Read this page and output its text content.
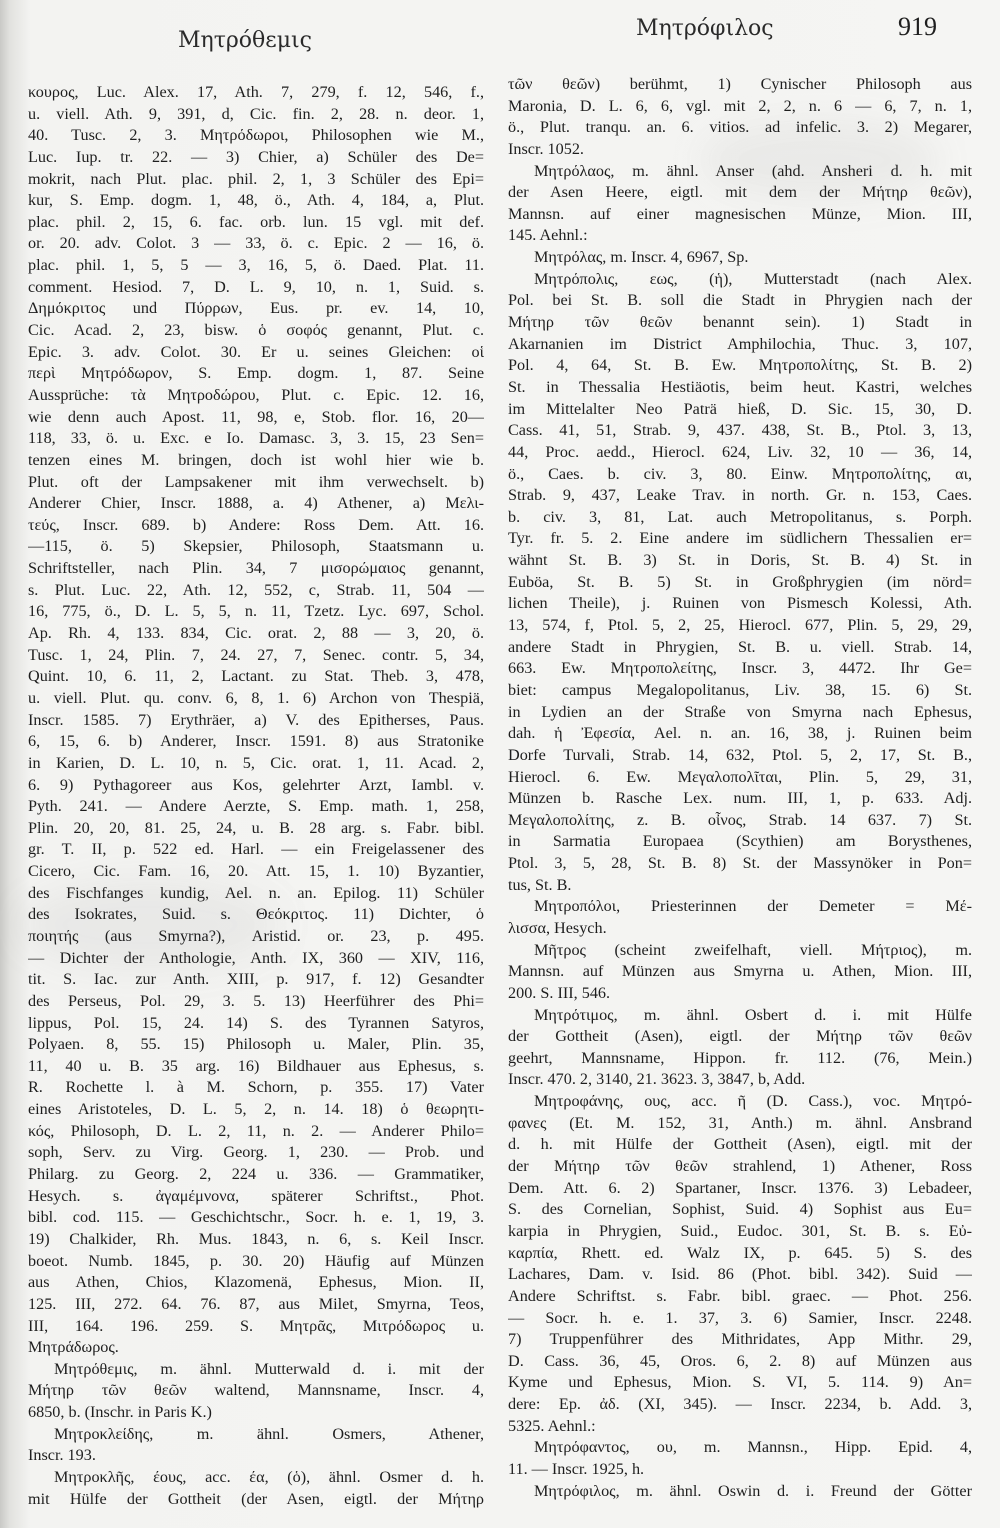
Μητρόθεμις	Μητρόφιλος	919
κουρος, Luc. Alex. 17, Ath. 7, 279, f. 12, 546, f.,
u. viell. Ath. 9, 391, d, Cic. fin. 2, 28. n. deor. 1,
40. Tusc. 2, 3. Μητρόδωροι, Philosophen wie M.,
Luc. Iup. tr. 22. — 3) Chier, a) Schüler des De=
mokrit, nach Plut. plac. phil. 2, 1, 3 Schüler des Epi=
kur, S. Emp. dogm. 1, 48, ö., Ath. 4, 184, a, Plut.
plac. phil. 2, 15, 6. fac. orb. lun. 15 vgl. mit def.
or. 20. adv. Colot. 3 — 33, ö. c. Epic. 2 — 16, ö.
plac. phil. 1, 5, 5 — 3, 16, 5, ö. Daed. Plat. 11.
comment. Hesiod. 7, D. L. 9, 10, n. 1, Suid. s.
Δημόκριτος und Πύρρων, Eus. pr. ev. 14, 10,
Cic. Acad. 2, 23, bisw. ὁ σοφός genannt, Plut. c.
Epic. 3. adv. Colot. 30. Er u. seines Gleichen: οἱ
περὶ Μητρόδωρον, S. Emp. dogm. 1, 87. Seine
Aussprüche: τὰ Μητροδώρου, Plut. c. Epic. 12. 16,
wie denn auch Apost. 11, 98, e, Stob. flor. 16, 20—
118, 33, ö. u. Exc. e Io. Damasc. 3, 3. 15, 23 Sen=
tenzen eines M. bringen, doch ist wohl hier wie b.
Plut. oft der Lampsakener mit ihm verwechselt. b)
Anderer Chier, Inscr. 1888, a. 4) Athener, a) Μελι-
τεύς, Inscr. 689. b) Andere: Ross Dem. Att. 16.
—115, ö. 5) Skepsier, Philosoph, Staatsmann u.
Schriftsteller, nach Plin. 34, 7 μισορώμαιος genannt,
s. Plut. Luc. 22, Ath. 12, 552, c, Strab. 11, 504 —
16, 775, ö., D. L. 5, 5, n. 11, Tzetz. Lyc. 697, Schol.
Ap. Rh. 4, 133. 834, Cic. orat. 2, 88 — 3, 20, ö.
Tusc. 1, 24, Plin. 7, 24. 27, 7, Senec. contr. 5, 34,
Quint. 10, 6. 11, 2, Lactant. zu Stat. Theb. 3, 478,
u. viell. Plut. qu. conv. 6, 8, 1. 6) Archon von Thespiä,
Inscr. 1585. 7) Erythräer, a) V. des Epitherses, Paus.
6, 15, 6. b) Anderer, Inscr. 1591. 8) aus Stratonike
in Karien, D. L. 10, n. 5, Cic. orat. 1, 11. Acad. 2,
6. 9) Pythagoreer aus Kos, gelehrter Arzt, Iambl. v.
Pyth. 241. — Andere Aerzte, S. Emp. math. 1, 258,
Plin. 20, 20, 81. 25, 24, u. B. 28 arg. s. Fabr. bibl.
gr. T. II, p. 522 ed. Harl. — ein Freigelassener des
Cicero, Cic. Fam. 16, 20. Att. 15, 1. 10) Byzantier,
des Fischfanges kundig, Ael. n. an. Epilog. 11) Schüler
des Isokrates, Suid. s. Θεόκριτος. 11) Dichter, ὁ
ποιητής (aus Smyrna?), Aristid. or. 23, p. 495.
— Dichter der Anthologie, Anth. IX, 360 — XIV, 116,
tit. S. Iac. zur Anth. XIII, p. 917, f. 12) Gesandter
des Perseus, Pol. 29, 3. 5. 13) Heerführer des Phi=
lippus, Pol. 15, 24. 14) S. des Tyrannen Satyros,
Polyaen. 8, 55. 15) Philosoph u. Maler, Plin. 35,
11, 40 u. B. 35 arg. 16) Bildhauer aus Ephesus, s.
R. Rochette l. à M. Schorn, p. 355. 17) Vater
eines Aristoteles, D. L. 5, 2, n. 14. 18) ὁ θεωρητι-
κός, Philosoph, D. L. 2, 11, n. 2. — Anderer Philo=
soph, Serv. zu Virg. Georg. 1, 230. — Prob. und
Philarg. zu Georg. 2, 224 u. 336. — Grammatiker,
Hesych. s. ἀγαμέμνονα, späterer Schriftst., Phot.
bibl. cod. 115. — Geschichtschr., Socr. h. e. 1, 19, 3.
19) Chalkider, Rh. Mus. 1843, n. 6, s. Keil Inscr.
boeot. Numb. 1845, p. 30. 20) Häufig auf Münzen
aus Athen, Chios, Klazomenä, Ephesus, Mion. II,
125. III, 272. 64. 76. 87, aus Milet, Smyrna, Teos,
III, 164. 196. 259. S. Μητρᾶς, Μιτρόδωρος u.
Μητράδωρος.
Μητρόθεμις, m. ähnl. Mutterwald d. i. mit der
Μήτηρ τῶν θεῶν waltend, Mannsname, Inscr. 4,
6850, b. (Inschr. in Paris K.)
Μητροκλείδης, m. ähnl. Osmers, Athener,
Inscr. 193.
Μητροκλῆς, έους, acc. έα, (ὁ), ähnl. Osmer d. h.
mit Hülfe der Gottheit (der Asen, eigtl. der Μήτηρ
τῶν θεῶν) berühmt, 1) Cynischer Philosoph aus
Maronia, D. L. 6, 6, vgl. mit 2, 2, n. 6 — 6, 7, n. 1,
ö., Plut. tranqu. an. 6. vitios. ad infelic. 3. 2) Megarer,
Inscr. 1052.
Μητρόλαος, m. ähnl. Anser (ahd. Ansheri d. h. mit
der Asen Heere, eigtl. mit dem der Μήτηρ θεῶν),
Mannsn. auf einer magnesischen Münze, Mion. III,
145. Aehnl.:
Μητρόλας, m. Inscr. 4, 6967, Sp.
Μητρόπολις, εως, (ἡ), Mutterstadt (nach Alex.
Pol. bei St. B. soll die Stadt in Phrygien nach der
Μήτηρ τῶν θεῶν benannt sein). 1) Stadt in
Akarnanien im District Amphilochia, Thuc. 3, 107,
Pol. 4, 64, St. B. Ew. Μητροπολίτης, St. B. 2)
St. in Thessalia Hestiäotis, beim heut. Kastri, welches
im Mittelalter Neo Paträ hieß, D. Sic. 15, 30, D.
Cass. 41, 51, Strab. 9, 437. 438, St. B., Ptol. 3, 13,
44, Proc. aedd., Hierocl. 624, Liv. 32, 10 — 36, 14,
ö., Caes. b. civ. 3, 80. Einw. Μητροπολίτης, αι,
Strab. 9, 437, Leake Trav. in north. Gr. n. 153, Caes.
b. civ. 3, 81, Lat. auch Metropolitanus, s. Porph.
Tyr. fr. 5. 2. Eine andere im südlichern Thessalien er=
wähnt St. B. 3) St. in Doris, St. B. 4) St. in
Euböa, St. B. 5) St. in Großphrygien (im nörd=
lichen Theile), j. Ruinen von Pismesch Kolessi, Ath.
13, 574, f, Ptol. 5, 2, 25, Hierocl. 677, Plin. 5, 29, 29,
andere Stadt in Phrygien, St. B. u. viell. Strab. 14,
663. Ew. Μητροπολείτης, Inscr. 3, 4472. Ihr Ge=
biet: campus Megalopolitanus, Liv. 38, 15. 6) St.
in Lydien an der Straße von Smyrna nach Ephesus,
dah. ἡ Ἐφεσία, Ael. n. an. 16, 38, j. Ruinen beim
Dorfe Turvali, Strab. 14, 632, Ptol. 5, 2, 17, St. B.,
Hierocl. 6. Ew. Μεγαλοπολῖται, Plin. 5, 29, 31,
Münzen b. Rasche Lex. num. III, 1, p. 633. Adj.
Μεγαλοπολίτης, z. B. οἶνος, Strab. 14 637. 7) St.
in Sarmatia Europaea (Scythien) am Borysthenes,
Ptol. 3, 5, 28, St. B. 8) St. der Massynöker in Pon=
tus, St. B.
Μητροπόλοι, Priesterinnen der Demeter = Μέ-
λισσα, Hesych.
Μῆτρος (scheint zweifelhaft, viell. Μήτριος), m.
Mannsn. auf Münzen aus Smyrna u. Athen, Mion. III,
200. S. III, 546.
Μητρότιμος, m. ähnl. Osbert d. i. mit Hülfe
der Gottheit (Asen), eigtl. der Μήτηρ τῶν θεῶν
geehrt, Mannsname, Hippon. fr. 112. (76, Mein.)
Inscr. 470. 2, 3140, 21. 3623. 3, 3847, b, Add.
Μητροφάνης, ους, acc. ῆ (D. Cass.), voc. Μητρό-
φανες (Et. M. 152, 31, Anth.) m. ähnl. Ansbrand
d. h. mit Hülfe der Gottheit (Asen), eigtl. mit der
der Μήτηρ τῶν θεῶν strahlend, 1) Athener, Ross
Dem. Att. 6. 2) Spartaner, Inscr. 1376. 3) Lebadeer,
S. des Cornelian, Sophist, Suid. 4) Sophist aus Eu=
karpia in Phrygien, Suid., Eudoc. 301, St. B. s. Εὐ-
καρπία, Rhett. ed. Walz IX, p. 645. 5) S. des
Lachares, Dam. v. Isid. 86 (Phot. bibl. 342). Suid —
Andere Schriftst. s. Fabr. bibl. graec. — Phot. 256.
— Socr. h. e. 1. 37, 3. 6) Samier, Inscr. 2248.
7) Truppenführer des Mithridates, App Mithr. 29,
D. Cass. 36, 45, Oros. 6, 2. 8) auf Münzen aus
Kyme und Ephesus, Mion. S. VI, 5. 114. 9) An=
dere: Ep. ἀδ. (XI, 345). — Inscr. 2234, b. Add. 3,
5325. Aehnl.:
Μητρόφαντος, ου, m. Mannsn., Hipp. Epid. 4,
11. — Inscr. 1925, h.
Μητρόφιλος, m. ähnl. Oswin d. i. Freund der Götter
